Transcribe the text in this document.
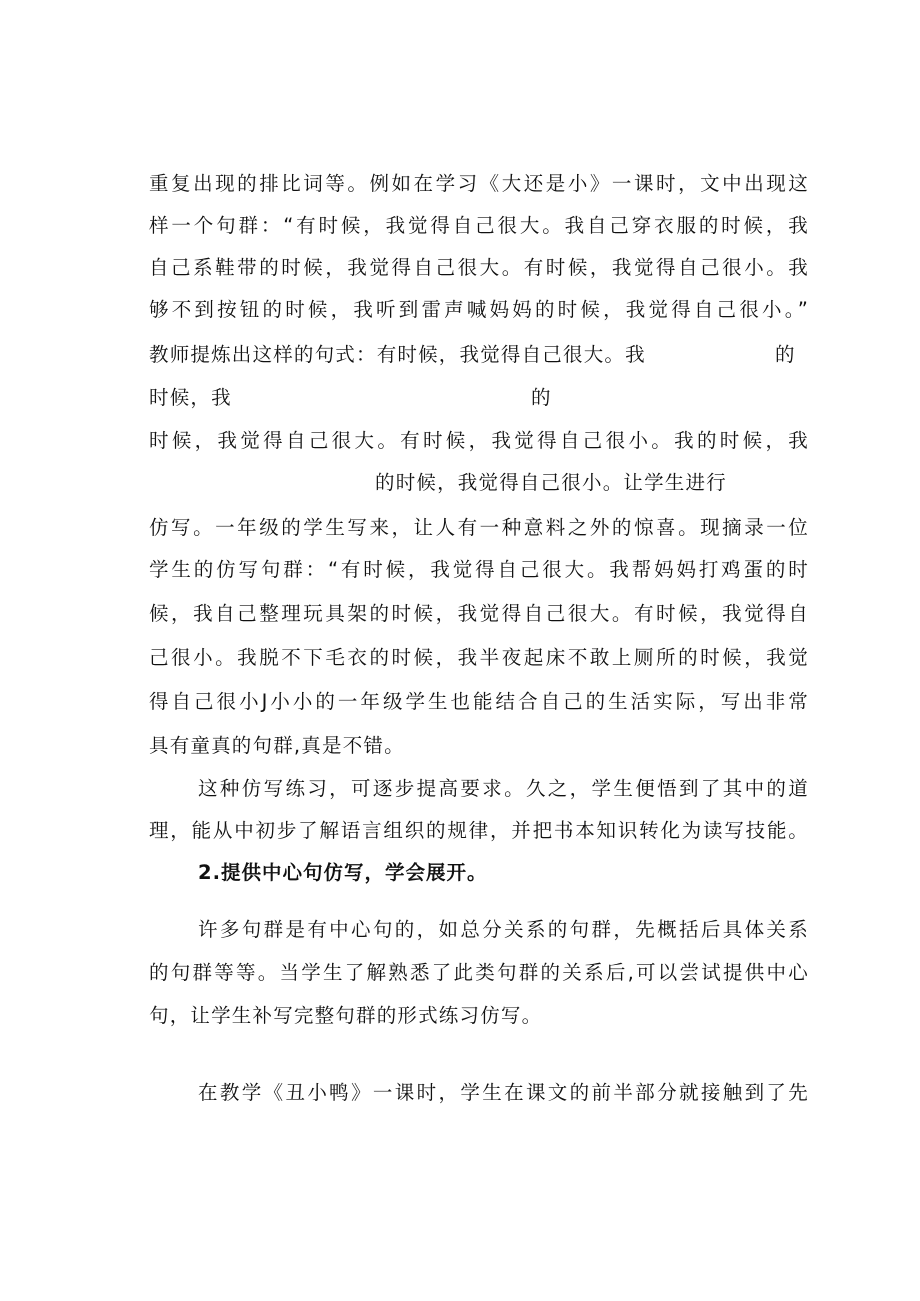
重复出现的排比词等。例如在学习《大还是小》一课时，文中出现这
样一个句群：“有时候，我觉得自己很大。我自己穿衣服的时候，我
自己系鞋带的时候，我觉得自己很大。有时候，我觉得自己很小。我
够不到按钮的时候，我听到雷声喊妈妈的时候，我觉得自己很小。”
教师提炼出这样的句式：有时候，我觉得自己很大。我	的
时候，我	的
时候，我觉得自己很大。有时候，我觉得自己很小。我的时候，我
的时候，我觉得自己很小。让学生进行
仿写。一年级的学生写来，让人有一种意料之外的惊喜。现摘录一位
学生的仿写句群：“有时候，我觉得自己很大。我帮妈妈打鸡蛋的时
候，我自己整理玩具架的时候，我觉得自己很大。有时候，我觉得自
己很小。我脱不下毛衣的时候，我半夜起床不敢上厕所的时候，我觉
得自己很小J小小的一年级学生也能结合自己的生活实际，写出非常
具有童真的句群,真是不错。
这种仿写练习，可逐步提高要求。久之，学生便悟到了其中的道
理，能从中初步了解语言组织的规律，并把书本知识转化为读写技能。
2.提供中心句仿写，学会展开。
许多句群是有中心句的，如总分关系的句群，先概括后具体关系
的句群等等。当学生了解熟悉了此类句群的关系后,可以尝试提供中心
句，让学生补写完整句群的形式练习仿写。
在教学《丑小鸭》一课时，学生在课文的前半部分就接触到了先
